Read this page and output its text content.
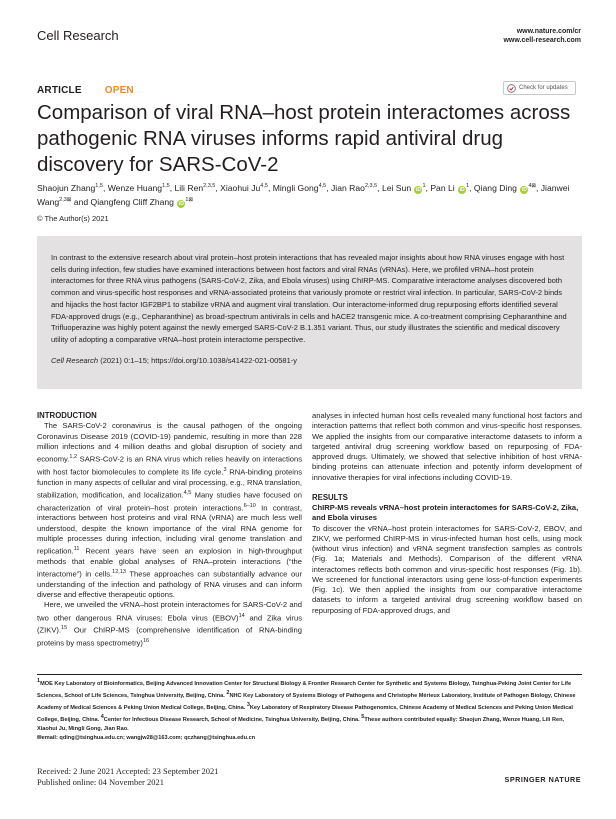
Cell Research	www.nature.com/cr
www.cell-research.com
ARTICLE OPEN	Check for updates
Comparison of viral RNA–host protein interactomes across pathogenic RNA viruses informs rapid antiviral drug discovery for SARS-CoV-2
Shaojun Zhang$^{1,5}$, Wenze Huang$^{1,5}$, Lili Ren$^{2,3,5}$, Xiaohui Ju$^{4,5}$, Mingli Gong$^{4,5}$, Jian Rao$^{2,3,5}$, Lei Sun $iD^1$, Pan Li $iD^1$, Qiang Ding $iD^{4⊠}$, Jianwei Wang$^{2,3⊠}$ and Qiangfeng Cliff Zhang $iD^{1⊠}$
© The Author(s) 2021

In contrast to the extensive research about viral protein–host protein interactions that has revealed major insights about how RNA viruses engage with host cells during infection, few studies have examined interactions between host factors and viral RNAs (vRNAs). Here, we profiled vRNA–host protein interactomes for three RNA virus pathogens (SARS-CoV-2, Zika, and Ebola viruses) using ChIRP-MS. Comparative interactome analyses discovered both common and virus-specific host responses and vRNA-associated proteins that variously promote or restrict viral infection. In particular, SARS-CoV-2 binds and hijacks the host factor IGF2BP1 to stabilize vRNA and augment viral translation. Our interactome-informed drug repurposing efforts identified several FDA-approved drugs (e.g., Cepharanthine) as broad-spectrum antivirals in cells and hACE2 transgenic mice. A co-treatment comprising Cepharanthine and Trifluoperazine was highly potent against the newly emerged SARS-CoV-2 B.1.351 variant. Thus, our study illustrates the scientific and medical discovery utility of adopting a comparative vRNA–host protein interactome perspective.

Cell Research (2021) 0:1–15; https://doi.org/10.1038/s41422-021-00581-y

INTRODUCTION

The SARS-CoV-2 coronavirus is the causal pathogen of the ongoing Coronavirus Disease 2019 (COVID-19) pandemic, resulting in more than 228 million infections and 4 million deaths and global disruption of society and economy.$^{1,2}$ SARS-CoV-2 is an RNA virus which relies heavily on interactions with host factor biomolecules to complete its life cycle.$^3$ RNA-binding proteins function in many aspects of cellular and viral processing, e.g., RNA translation, stabilization, modification, and localization.$^{4,5}$ Many studies have focused on characterization of viral protein–host protein interactions.$^{6-10}$ In contrast, interactions between host proteins and viral RNA (vRNA) are much less well understood, despite the known importance of the viral RNA genome for multiple processes during infection, including viral genome translation and replication.$^{11}$ Recent years have seen an explosion in high-throughput methods that enable global analyses of RNA–protein interactions (“the interactome”) in cells.$^{12,13}$ These approaches can substantially advance our understanding of the infection and pathology of RNA viruses and can inform diverse and effective therapeutic options.

Here, we unveiled the vRNA–host protein interactomes for SARS-CoV-2 and two other dangerous RNA viruses: Ebola virus (EBOV)$^{14}$ and Zika virus (ZIKV).$^{15}$ Our ChIRP-MS (comprehensive identification of RNA-binding proteins by mass spectrometry)$^{16}$

analyses in infected human host cells revealed many functional host factors and interaction patterns that reflect both common and virus-specific host responses. We applied the insights from our comparative interactome datasets to inform a targeted antiviral drug screening workflow based on repurposing of FDA-approved drugs. Ultimately, we showed that selective inhibition of host vRNA-binding proteins can attenuate infection and potently inform development of innovative therapies for viral infections including COVID-19.

RESULTS

ChIRP-MS reveals vRNA–host protein interactomes for SARS-CoV-2, Zika, and Ebola viruses

To discover the vRNA–host protein interactomes for SARS-CoV-2, EBOV, and ZIKV, we performed ChIRP-MS in virus-infected human host cells, using mock (without virus infection) and vRNA segment transfection samples as controls (Fig. 1a; Materials and Methods). Comparison of the different vRNA interactomes reflects both common and virus-specific host responses (Fig. 1b). We screened for functional interactors using gene loss-of-function experiments (Fig. 1c). We then applied the insights from our comparative interactome datasets to inform a targeted antiviral drug screening workflow based on repurposing of FDA-approved drugs, and

$^1$MOE Key Laboratory of Bioinformatics, Beijing Advanced Innovation Center for Structural Biology & Frontier Research Center for Synthetic and Systems Biology, Tsinghua-Peking Joint Center for Life Sciences, School of Life Sciences, Tsinghua University, Beijing, China. $^2$NHC Key Laboratory of Systems Biology of Pathogens and Christophe Mérieux Laboratory, Institute of Pathogen Biology, Chinese Academy of Medical Sciences & Peking Union Medical College, Beijing, China. $^3$Key Laboratory of Respiratory Disease Pathogenomics, Chinese Academy of Medical Sciences and Peking Union Medical College, Beijing, China. $^4$Center for Infectious Disease Research, School of Medicine, Tsinghua University, Beijing, China. $^5$These authors contributed equally: Shaojun Zhang, Wenze Huang, Lili Ren, Xiaohui Ju, Mingli Gong, Jian Rao.
✉email: qding@tsinghua.edu.cn; wangjw28@163.com; qczhang@tsinghua.edu.cn
Received: 2 June 2021 Accepted: 23 September 2021
Published online: 04 November 2021	SPRINGER NATURE
